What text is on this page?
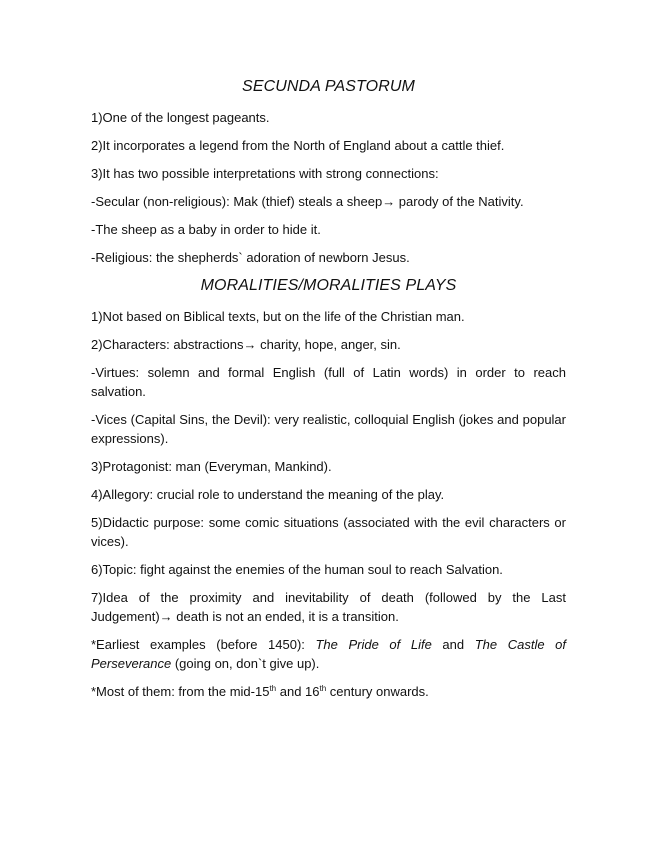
SECUNDA PASTORUM

1)One of the longest pageants.

2)It incorporates a legend from the North of England about a cattle thief.

3)It has two possible interpretations with strong connections:

-Secular (non-religious): Mak (thief) steals a sheep→ parody of the Nativity.

-The sheep as a baby in order to hide it.

-Religious: the shepherds` adoration of newborn Jesus.

MORALITIES/MORALITIES PLAYS

1)Not based on Biblical texts, but on the life of the Christian man.

2)Characters: abstractions→ charity, hope, anger, sin.

-Virtues: solemn and formal English (full of Latin words) in order to reach salvation.

-Vices (Capital Sins, the Devil): very realistic, colloquial English (jokes and popular expressions).

3)Protagonist: man (Everyman, Mankind).

4)Allegory: crucial role to understand the meaning of the play.

5)Didactic purpose: some comic situations (associated with the evil characters or vices).

6)Topic: fight against the enemies of the human soul to reach Salvation.

7)Idea of the proximity and inevitability of death (followed by the Last Judgement)→ death is not an ended, it is a transition.

*Earliest examples (before 1450): The Pride of Life and The Castle of Perseverance (going on, don`t give up).

*Most of them: from the mid-15th and 16th century onwards.
